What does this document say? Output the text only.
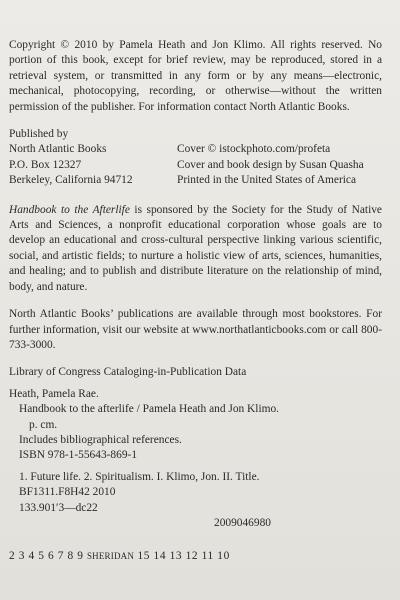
Copyright © 2010 by Pamela Heath and Jon Klimo. All rights reserved. No portion of this book, except for brief review, may be reproduced, stored in a retrieval system, or transmitted in any form or by any means—electronic, mechanical, photocopying, recording, or otherwise—without the written permission of the publisher. For information contact North Atlantic Books.

Published by

North Atlantic Books

P.O. Box 12327

Berkeley, California 94712

Cover © istockphoto.com/profeta

Cover and book design by Susan Quasha

Printed in the United States of America

Handbook to the Afterlife is sponsored by the Society for the Study of Native Arts and Sciences, a nonprofit educational corporation whose goals are to develop an educational and cross-cultural perspective linking various scientific, social, and artistic fields; to nurture a holistic view of arts, sciences, humanities, and healing; and to publish and distribute literature on the relationship of mind, body, and nature.

North Atlantic Books’ publications are available through most bookstores. For further information, visit our website at www.northatlanticbooks.com or call 800-733-3000.

Library of Congress Cataloging-in-Publication Data

Heath, Pamela Rae.

Handbook to the afterlife / Pamela Heath and Jon Klimo.

p. cm.

Includes bibliographical references.

ISBN 978-1-55643-869-1

1. Future life. 2. Spiritualism. I. Klimo, Jon. II. Title.

BF1311.F8H42 2010

133.901′3—dc22

2009046980

2 3 4 5 6 7 8 9 SHERIDAN 15 14 13 12 11 10
